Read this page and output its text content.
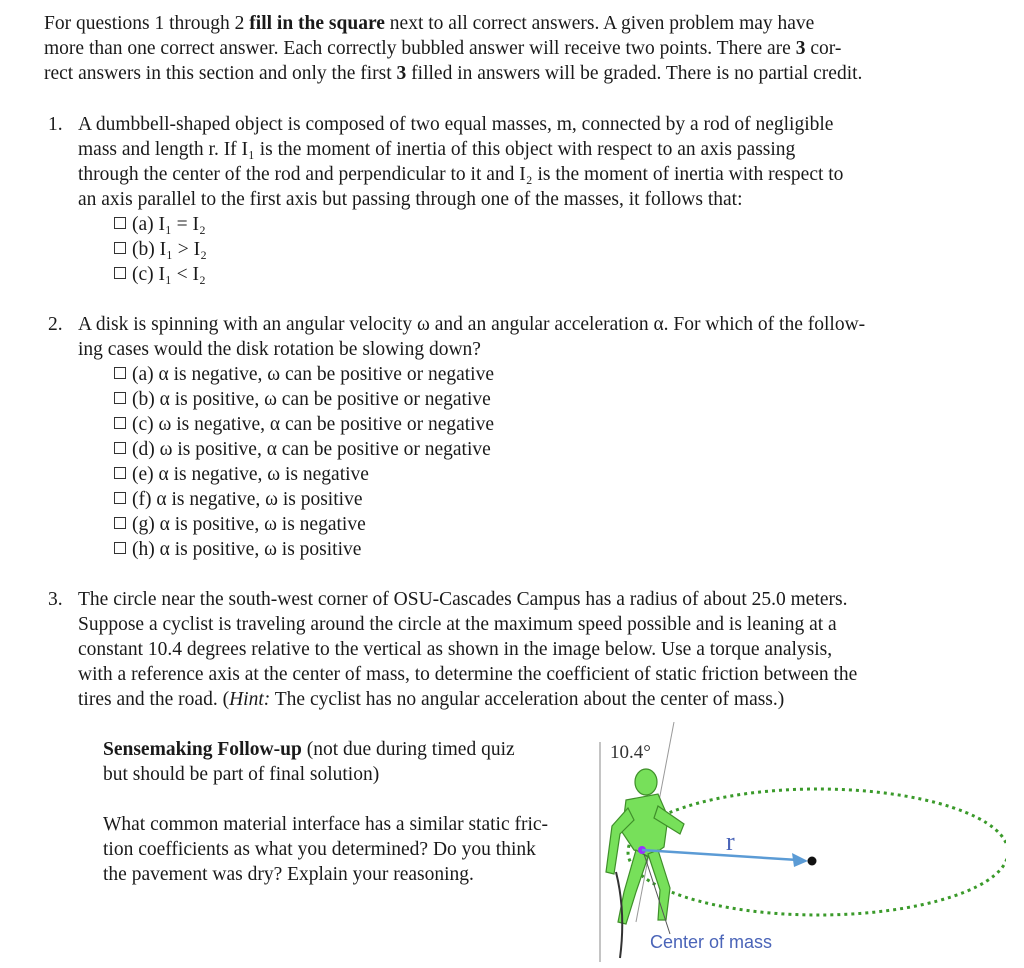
For questions 1 through 2 fill in the square next to all correct answers. A given problem may have
more than one correct answer. Each correctly bubbled answer will receive two points. There are 3 cor-
rect answers in this section and only the first 3 filled in answers will be graded. There is no partial credit.
1. A dumbbell-shaped object is composed of two equal masses, m, connected by a rod of negligible
mass and length r. If I₁ is the moment of inertia of this object with respect to an axis passing
through the center of the rod and perpendicular to it and I₂ is the moment of inertia with respect to
an axis parallel to the first axis but passing through one of the masses, it follows that:
(a) I₁ = I₂
(b) I₁ > I₂
(c) I₁ < I₂
2. A disk is spinning with an angular velocity ω and an angular acceleration α. For which of the follow-
ing cases would the disk rotation be slowing down?
(a) α is negative, ω can be positive or negative
(b) α is positive, ω can be positive or negative
(c) ω is negative, α can be positive or negative
(d) ω is positive, α can be positive or negative
(e) α is negative, ω is negative
(f) α is negative, ω is positive
(g) α is positive, ω is negative
(h) α is positive, ω is positive
3. The circle near the south-west corner of OSU-Cascades Campus has a radius of about 25.0 meters.
Suppose a cyclist is traveling around the circle at the maximum speed possible and is leaning at a
constant 10.4 degrees relative to the vertical as shown in the image below. Use a torque analysis,
with a reference axis at the center of mass, to determine the coefficient of static friction between the
tires and the road. (Hint: The cyclist has no angular acceleration about the center of mass.)
Sensemaking Follow-up (not due during timed quiz
but should be part of final solution)
What common material interface has a similar static fric-
tion coefficients as what you determined? Do you think
the pavement was dry? Explain your reasoning.
10.4°
r
Center of mass
